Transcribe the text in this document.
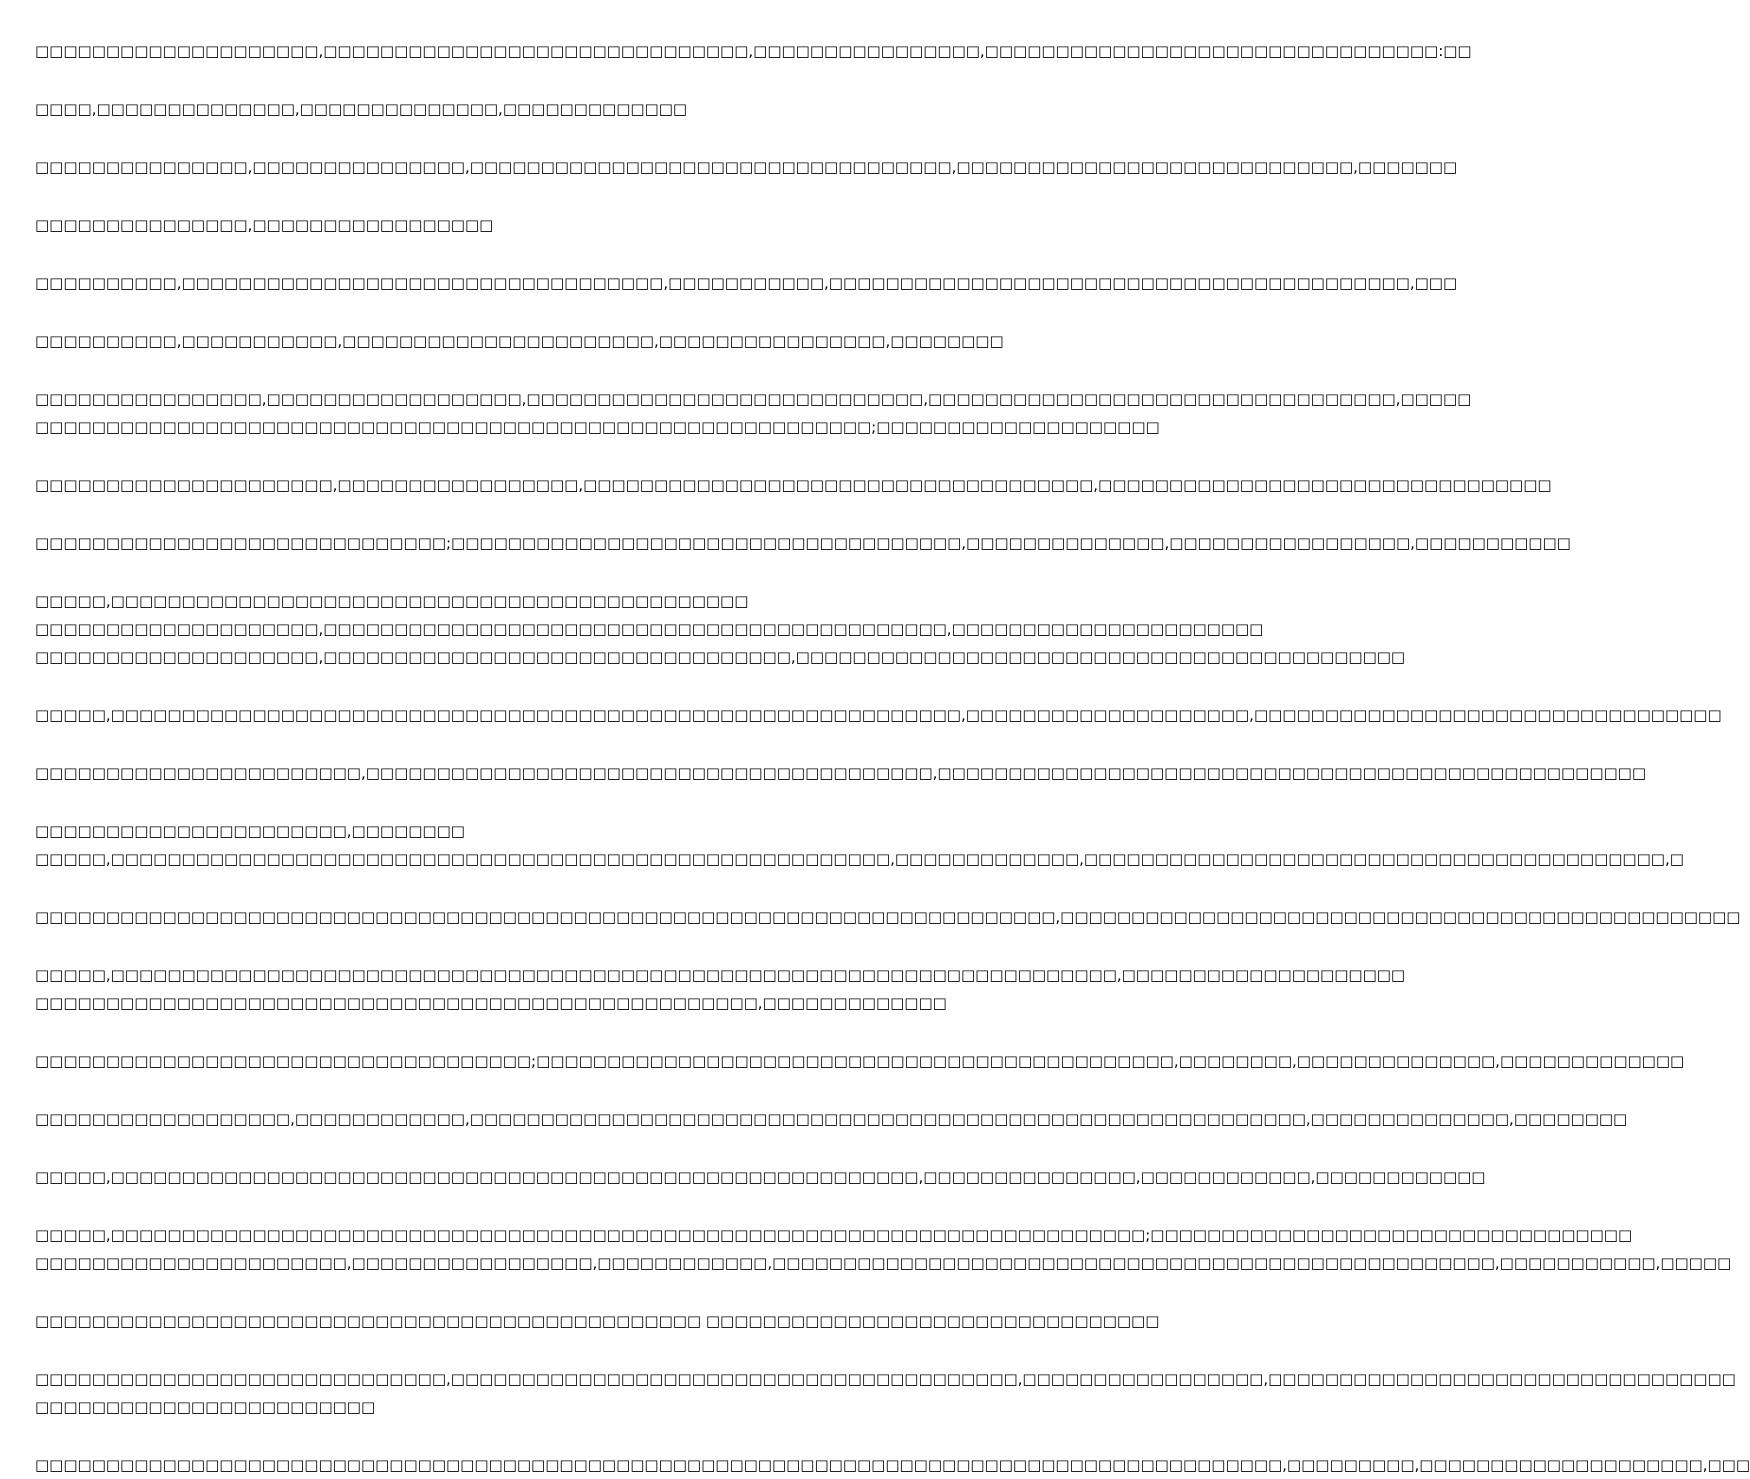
□□□□□□□□□□□□□□□□□□□□,□□□□□□□□□□□□□□□□□□□□□□□□□□□□□□,□□□□□□□□□□□□□□□□,□□□□□□□□□□□□□□□□□□□□□□□□□□□□□□□□:□□

□□□□,□□□□□□□□□□□□□□,□□□□□□□□□□□□□□,□□□□□□□□□□□□□

□□□□□□□□□□□□□□□,□□□□□□□□□□□□□□□,□□□□□□□□□□□□□□□□□□□□□□□□□□□□□□□□□□,□□□□□□□□□□□□□□□□□□□□□□□□□□□□,□□□□□□□

□□□□□□□□□□□□□□□,□□□□□□□□□□□□□□□□□

□□□□□□□□□□,□□□□□□□□□□□□□□□□□□□□□□□□□□□□□□□□□□,□□□□□□□□□□□,□□□□□□□□□□□□□□□□□□□□□□□□□□□□□□□□□□□□□□□□□,□□□

□□□□□□□□□□,□□□□□□□□□□□,□□□□□□□□□□□□□□□□□□□□□□,□□□□□□□□□□□□□□□□,□□□□□□□□

□□□□□□□□□□□□□□□□,□□□□□□□□□□□□□□□□□□,□□□□□□□□□□□□□□□□□□□□□□□□□□□□,□□□□□□□□□□□□□□□□□□□□□□□□□□□□□□□□□,□□□□□

□□□□□□□□□□□□□□□□□□□□□□□□□□□□□□□□□□□□□□□□□□□□□□□□□□□□□□□□□□□;□□□□□□□□□□□□□□□□□□□□

□□□□□□□□□□□□□□□□□□□□□,□□□□□□□□□□□□□□□□□,□□□□□□□□□□□□□□□□□□□□□□□□□□□□□□□□□□□□,□□□□□□□□□□□□□□□□□□□□□□□□□□□□□□□□

□□□□□□□□□□□□□□□□□□□□□□□□□□□□□;□□□□□□□□□□□□□□□□□□□□□□□□□□□□□□□□□□□□,□□□□□□□□□□□□□□,□□□□□□□□□□□□□□□□□,□□□□□□□□□□□

□□□□□,□□□□□□□□□□□□□□□□□□□□□□□□□□□□□□□□□□□□□□□□□□□□□

□□□□□□□□□□□□□□□□□□□□,□□□□□□□□□□□□□□□□□□□□□□□□□□□□□□□□□□□□□□□□□□□□,□□□□□□□□□□□□□□□□□□□□□□

□□□□□□□□□□□□□□□□□□□□,□□□□□□□□□□□□□□□□□□□□□□□□□□□□□□□□□,□□□□□□□□□□□□□□□□□□□□□□□□□□□□□□□□□□□□□□□□□□□

□□□□□,□□□□□□□□□□□□□□□□□□□□□□□□□□□□□□□□□□□□□□□□□□□□□□□□□□□□□□□□□□□□,□□□□□□□□□□□□□□□□□□□□,□□□□□□□□□□□□□□□□□□□□□□□□□□□□□□□□□

□□□□□□□□□□□□□□□□□□□□□□□,□□□□□□□□□□□□□□□□□□□□□□□□□□□□□□□□□□□□□□□□,□□□□□□□□□□□□□□□□□□□□□□□□□□□□□□□□□□□□□□□□□□□□□□□□□□

□□□□□□□□□□□□□□□□□□□□□□,□□□□□□□□

□□□□□,□□□□□□□□□□□□□□□□□□□□□□□□□□□□□□□□□□□□□□□□□□□□□□□□□□□□□□□,□□□□□□□□□□□□□,□□□□□□□□□□□□□□□□□□□□□□□□□□□□□□□□□□□□□□□□□,□

□□□□□□□□□□□□□□□□□□□□□□□□□□□□□□□□□□□□□□□□□□□□□□□□□□□□□□□□□□□□□□□□□□□□□□□□,□□□□□□□□□□□□□□□□□□□□□□□□□□□□□□□□□□□□□□□□□□□□□□□□

□□□□□,□□□□□□□□□□□□□□□□□□□□□□□□□□□□□□□□□□□□□□□□□□□□□□□□□□□□□□□□□□□□□□□□□□□□□□□,□□□□□□□□□□□□□□□□□□□□

□□□□□□□□□□□□□□□□□□□□□□□□□□□□□□□□□□□□□□□□□□□□□□□□□□□,□□□□□□□□□□□□□

□□□□□□□□□□□□□□□□□□□□□□□□□□□□□□□□□□□;□□□□□□□□□□□□□□□□□□□□□□□□□□□□□□□□□□□□□□□□□□□□□,□□□□□□□□,□□□□□□□□□□□□□□,□□□□□□□□□□□□□

□□□□□□□□□□□□□□□□□□,□□□□□□□□□□□□,□□□□□□□□□□□□□□□□□□□□□□□□□□□□□□□□□□□□□□□□□□□□□□□□□□□□□□□□□□□,□□□□□□□□□□□□□□,□□□□□□□□

□□□□□,□□□□□□□□□□□□□□□□□□□□□□□□□□□□□□□□□□□□□□□□□□□□□□□□□□□□□□□□□,□□□□□□□□□□□□□□□,□□□□□□□□□□□□,□□□□□□□□□□□□

□□□□□,□□□□□□□□□□□□□□□□□□□□□□□□□□□□□□□□□□□□□□□□□□□□□□□□□□□□□□□□□□□□□□□□□□□□□□□□□;□□□□□□□□□□□□□□□□□□□□□□□□□□□□□□□□□□

□□□□□□□□□□□□□□□□□□□□□□,□□□□□□□□□□□□□□□□□,□□□□□□□□□□□□,□□□□□□□□□□□□□□□□□□□□□□□□□□□□□□□□□□□□□□□□□□□□□□□□□□□,□□□□□□□□□□□,□□□□□

□□□□□□□□□□□□□□□□□□□□□□□□□□□□□□□□□□□□□□□□□□□□□□□ □□□□□□□□□□□□□□□□□□□□□□□□□□□□□□□□

□□□□□□□□□□□□□□□□□□□□□□□□□□□□□,□□□□□□□□□□□□□□□□□□□□□□□□□□□□□□□□□□□□□□□□,□□□□□□□□□□□□□□□□□,□□□□□□□□□□□□□□□□□□□□□□□□□□□□□□□□□

□□□□□□□□□□□□□□□□□□□□□□□□

□□□□□□□□□□□□□□□□□□□□□□□□□□□□□□□□□□□□□□□□□□□□□□□□□□□□□□□□□□□□□□□□□□□□□□□□□□□□□□□□□□□□□□□□,□□□□□□□□□,□□□□□□□□□□□□□□□□□□□□,□□□
